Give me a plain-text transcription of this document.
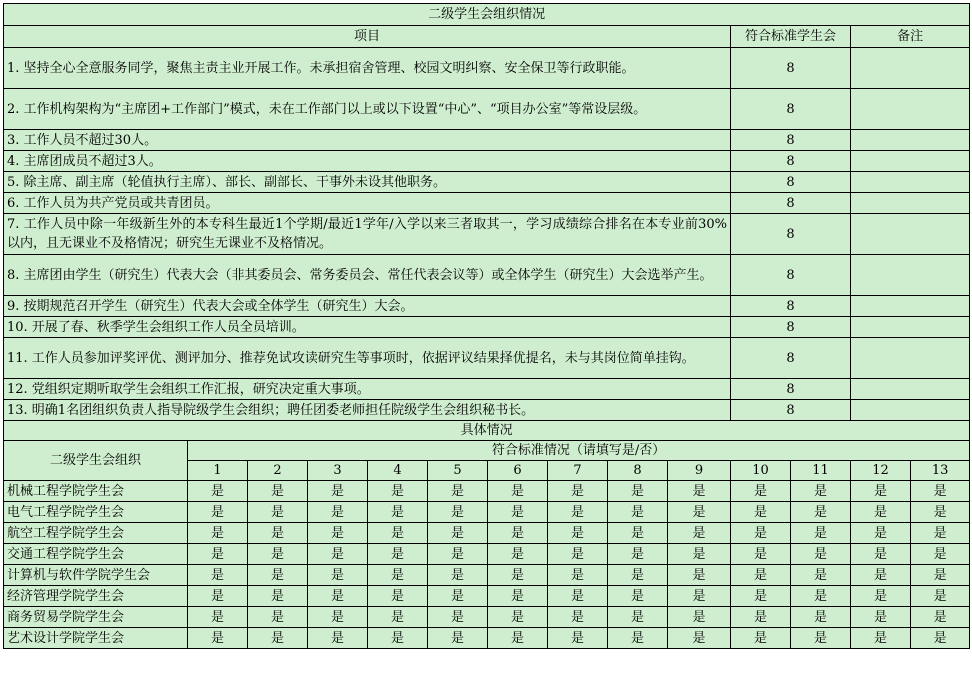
二级学生会组织情况													
项目										符合标准学生会		备注	
1. 坚持全心全意服务同学，聚焦主责主业开展工作。未承担宿舍管理、校园文明纠察、安全保卫等行政职能。										8			
2. 工作机构架构为“主席团+工作部门”模式，未在工作部门以上或以下设置“中心”、“项目办公室”等常设层级。										8			
3. 工作人员不超过30人。										8			
4. 主席团成员不超过3人。										8			
5. 除主席、副主席（轮值执行主席）、部长、副部长、干事外未设其他职务。										8			
6. 工作人员为共产党员或共青团员。										8			
7. 工作人员中除一年级新生外的本专科生最近1个学期/最近1学年/入学以来三者取其一，学习成绩综合排名在本专业前30%以内，且无课业不及格情况；研究生无课业不及格情况。										8			
8. 主席团由学生（研究生）代表大会（非其委员会、常务委员会、常任代表会议等）或全体学生（研究生）大会选举产生。										8			
9. 按期规范召开学生（研究生）代表大会或全体学生（研究生）大会。										8			
10. 开展了春、秋季学生会组织工作人员全员培训。										8			
11. 工作人员参加评奖评优、测评加分、推荐免试攻读研究生等事项时，依据评议结果择优提名，未与其岗位简单挂钩。										8			
12. 党组织定期听取学生会组织工作汇报，研究决定重大事项。										8			
13. 明确1名团组织负责人指导院级学生会组织；聘任团委老师担任院级学生会组织秘书长。										8			
具体情况													
二级学生会组织	符合标准情况（请填写是/否）												
	1	2	3	4	5	6	7	8	9	10	11	12	13
机械工程学院学生会	是	是	是	是	是	是	是	是	是	是	是	是	是
电气工程学院学生会	是	是	是	是	是	是	是	是	是	是	是	是	是
航空工程学院学生会	是	是	是	是	是	是	是	是	是	是	是	是	是
交通工程学院学生会	是	是	是	是	是	是	是	是	是	是	是	是	是
计算机与软件学院学生会	是	是	是	是	是	是	是	是	是	是	是	是	是
经济管理学院学生会	是	是	是	是	是	是	是	是	是	是	是	是	是
商务贸易学院学生会	是	是	是	是	是	是	是	是	是	是	是	是	是
艺术设计学院学生会	是	是	是	是	是	是	是	是	是	是	是	是	是
